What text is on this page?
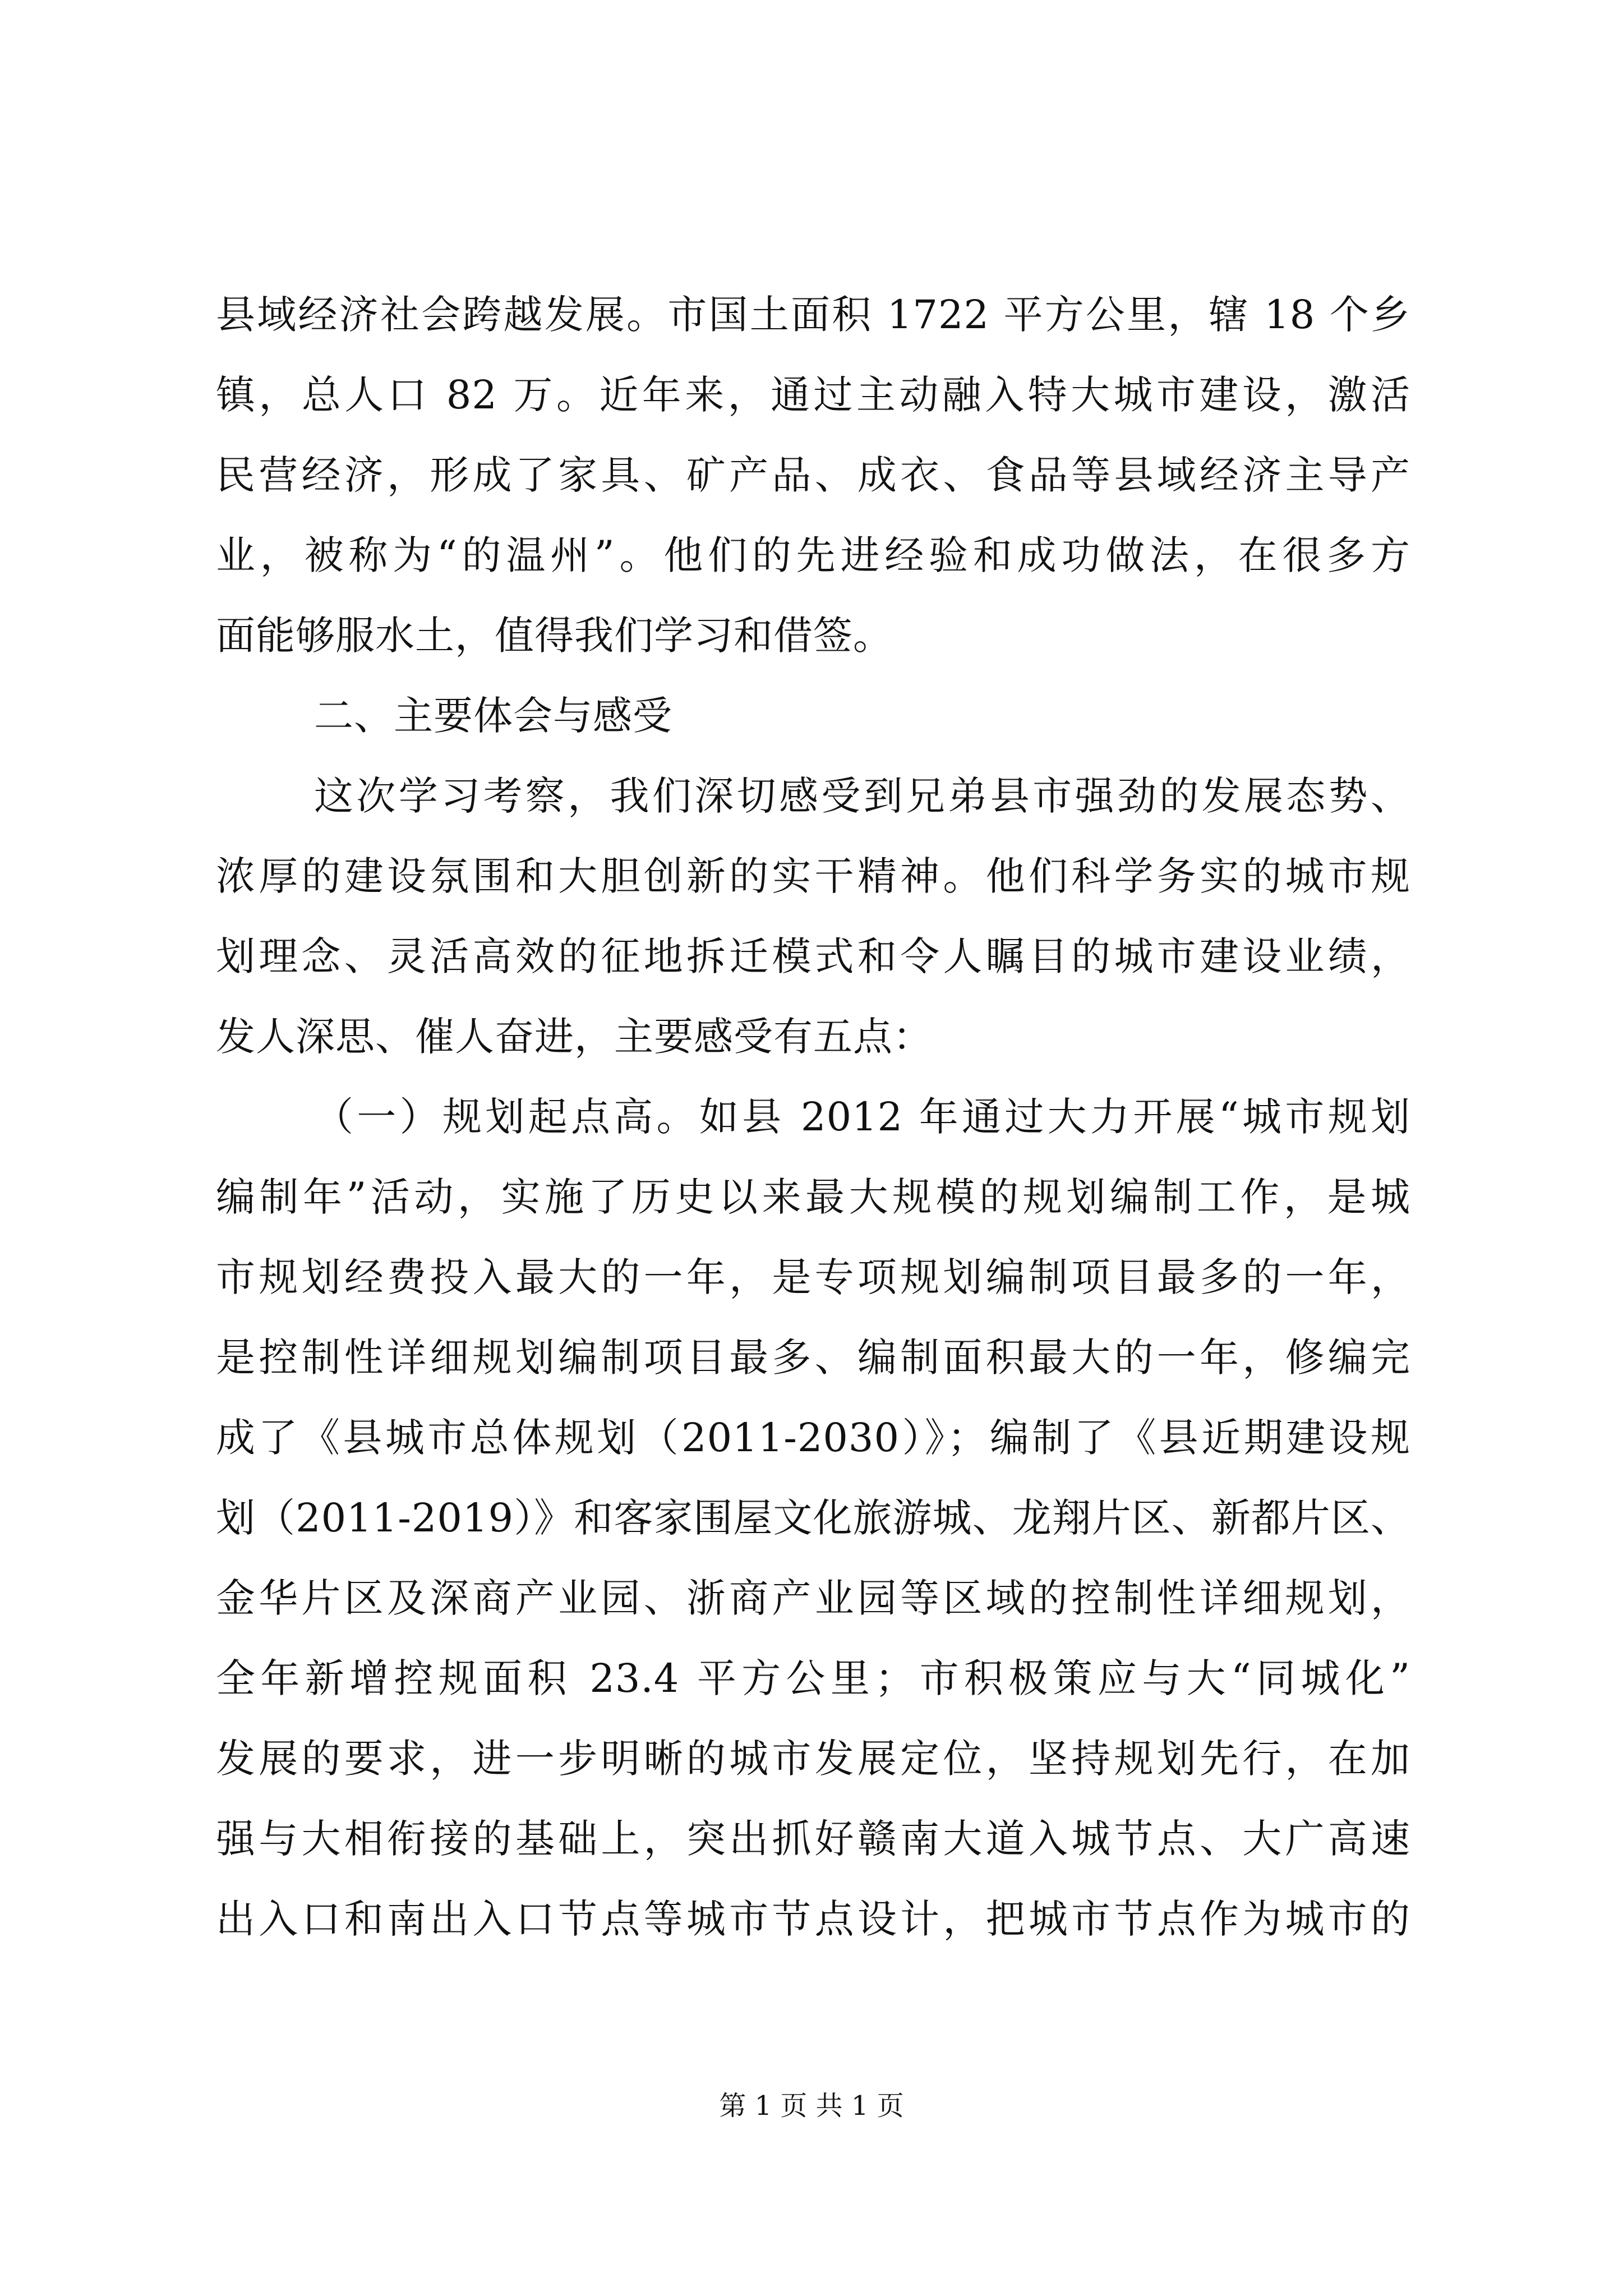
县域经济社会跨越发展。市国土面积 1722 平方公里，辖 18 个乡
镇，总人口 82 万。近年来，通过主动融入特大城市建设，激活
民营经济，形成了家具、矿产品、成衣、食品等县域经济主导产
业，被称为“的温州”。他们的先进经验和成功做法，在很多方
面能够服水土，值得我们学习和借签。
二、主要体会与感受
这次学习考察，我们深切感受到兄弟县市强劲的发展态势、
浓厚的建设氛围和大胆创新的实干精神。他们科学务实的城市规
划理念、灵活高效的征地拆迁模式和令人瞩目的城市建设业绩，
发人深思、催人奋进，主要感受有五点：
（一）规划起点高。如县 2012 年通过大力开展“城市规划
编制年”活动，实施了历史以来最大规模的规划编制工作，是城
市规划经费投入最大的一年，是专项规划编制项目最多的一年，
是控制性详细规划编制项目最多、编制面积最大的一年，修编完
成了《县城市总体规划（2011-2030）》；编制了《县近期建设规
划（2011-2019）》和客家围屋文化旅游城、龙翔片区、新都片区、
金华片区及深商产业园、浙商产业园等区域的控制性详细规划，
全年新增控规面积 23.4 平方公里；市积极策应与大“同城化”
发展的要求，进一步明晰的城市发展定位，坚持规划先行，在加
强与大相衔接的基础上，突出抓好赣南大道入城节点、大广高速
出入口和南出入口节点等城市节点设计，把城市节点作为城市的
第 1 页 共 1 页
